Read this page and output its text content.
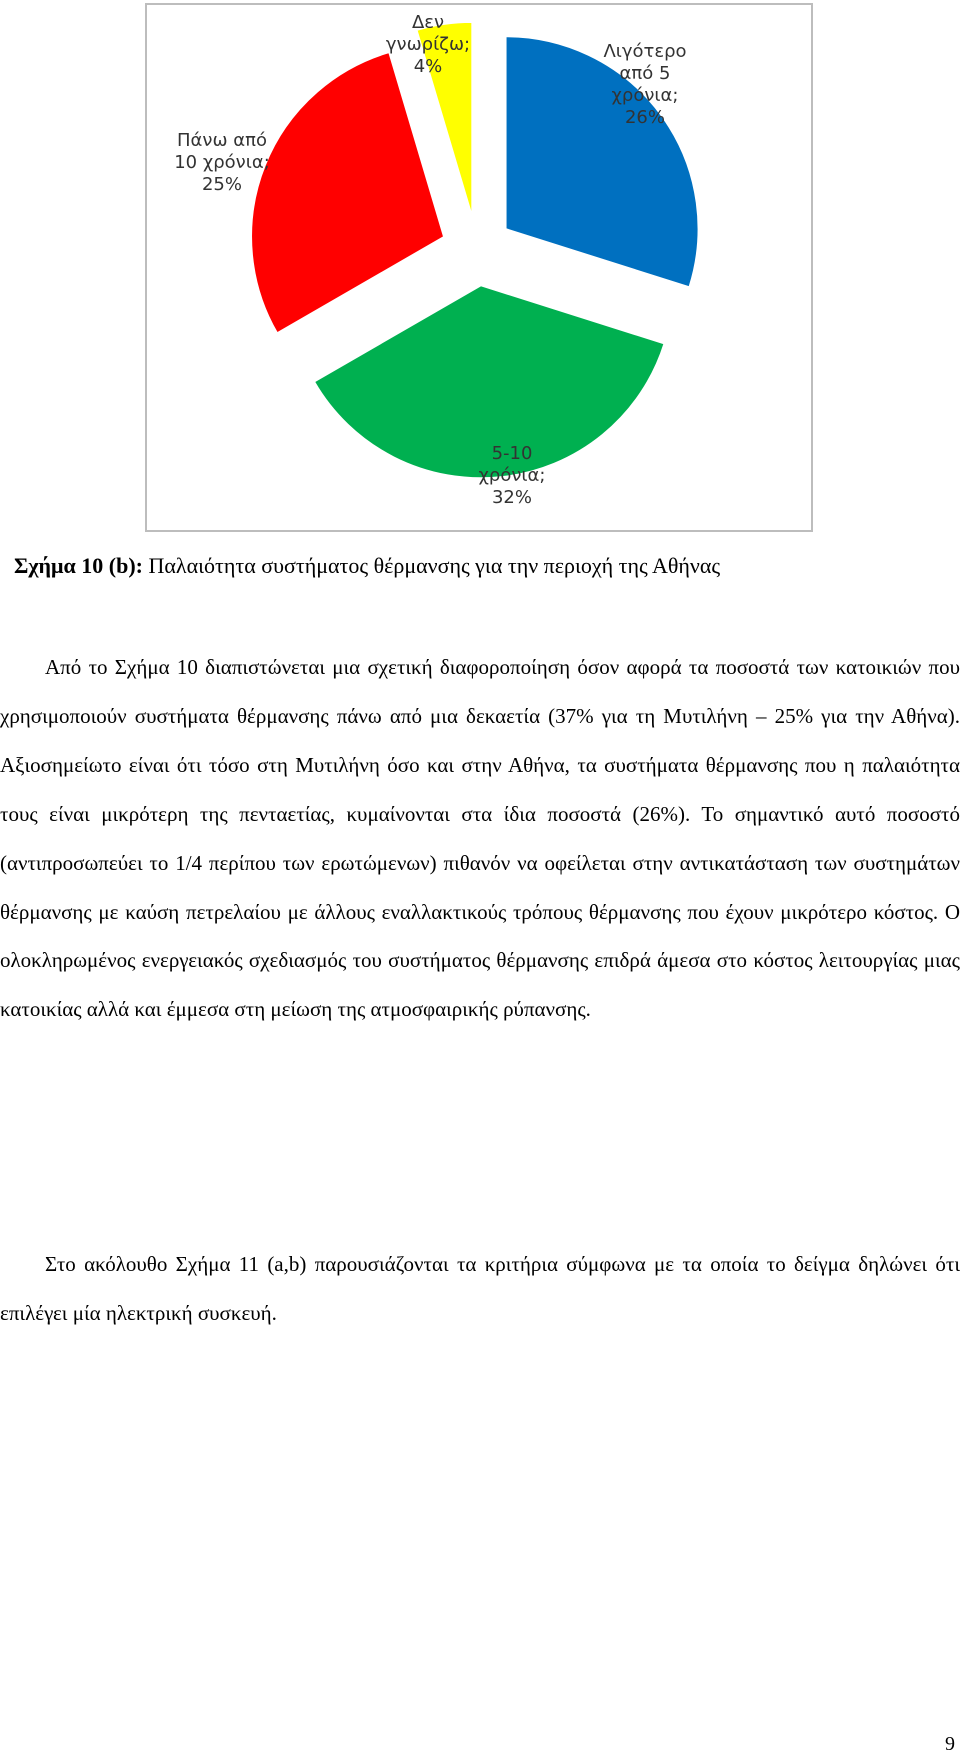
Λιγότερο
από 5
χρόνια;
26%
5-10
χρόνια;
32%
Πάνω από
10 χρόνια;
25%
Δεν
γνωρίζω;
4%
Σχήμα 10 (b): Παλαιότητα συστήματος θέρμανσης για την περιοχή της Αθήνας

Από το Σχήμα 10 διαπιστώνεται μια σχετική διαφοροποίηση όσον αφορά τα ποσοστά των κατοικιών που χρησιμοποιούν συστήματα θέρμανσης πάνω από μια δεκαετία (37% για τη Μυτιλήνη – 25% για την Αθήνα). Αξιοσημείωτο είναι ότι τόσο στη Μυτιλήνη όσο και στην Αθήνα, τα συστήματα θέρμανσης που η παλαιότητα τους είναι μικρότερη της πενταετίας, κυμαίνονται στα ίδια ποσοστά (26%). Το σημαντικό αυτό ποσοστό (αντιπροσωπεύει το 1/4 περίπου των ερωτώμενων) πιθανόν να οφείλεται στην αντικατάσταση των συστημάτων θέρμανσης με καύση πετρελαίου με άλλους εναλλακτικούς τρόπους θέρμανσης που έχουν μικρότερο κόστος. Ο ολοκληρωμένος ενεργειακός σχεδιασμός του συστήματος θέρμανσης επιδρά άμεσα στο κόστος λειτουργίας μιας κατοικίας αλλά και έμμεσα στη μείωση της ατμοσφαιρικής ρύπανσης.

Στο ακόλουθο Σχήμα 11 (a,b) παρουσιάζονται τα κριτήρια σύμφωνα με τα οποία το δείγμα δηλώνει ότι επιλέγει μία ηλεκτρική συσκευή.

9
